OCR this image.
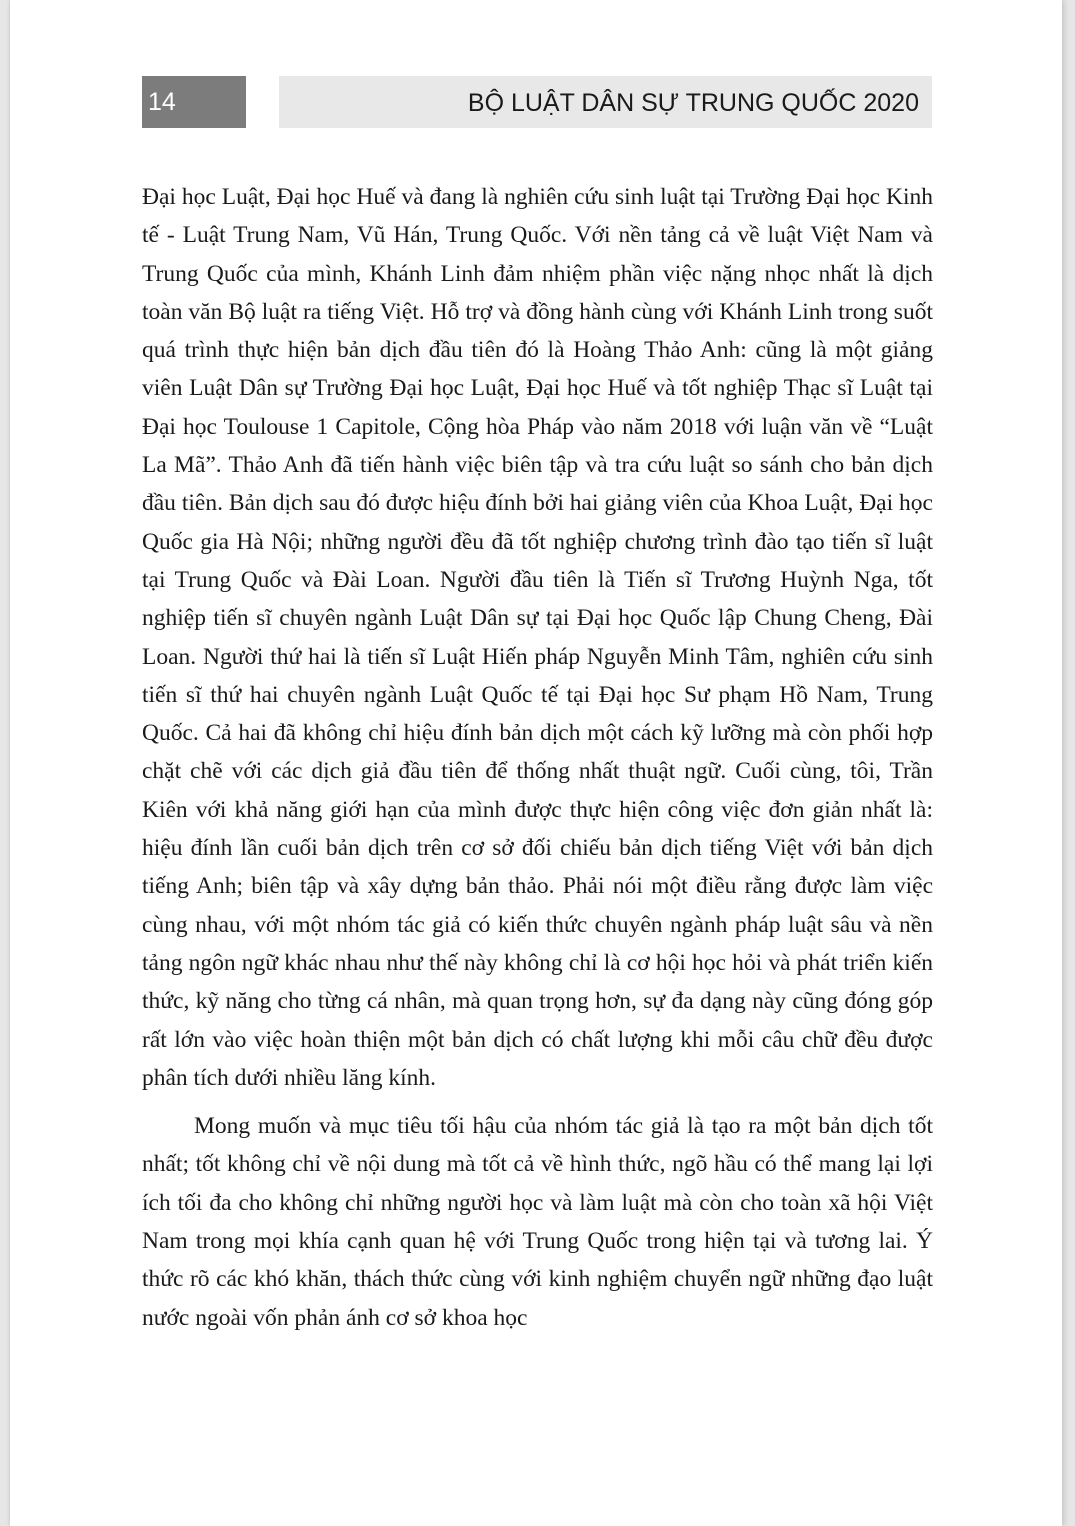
14	BỘ LUẬT DÂN SỰ TRUNG QUỐC 2020

Đại học Luật, Đại học Huế và đang là nghiên cứu sinh luật tại Trường Đại học Kinh tế - Luật Trung Nam, Vũ Hán, Trung Quốc. Với nền tảng cả về luật Việt Nam và Trung Quốc của mình, Khánh Linh đảm nhiệm phần việc nặng nhọc nhất là dịch toàn văn Bộ luật ra tiếng Việt. Hỗ trợ và đồng hành cùng với Khánh Linh trong suốt quá trình thực hiện bản dịch đầu tiên đó là Hoàng Thảo Anh: cũng là một giảng viên Luật Dân sự Trường Đại học Luật, Đại học Huế và tốt nghiệp Thạc sĩ Luật tại Đại học Toulouse 1 Capitole, Cộng hòa Pháp vào năm 2018 với luận văn về “Luật La Mã”. Thảo Anh đã tiến hành việc biên tập và tra cứu luật so sánh cho bản dịch đầu tiên. Bản dịch sau đó được hiệu đính bởi hai giảng viên của Khoa Luật, Đại học Quốc gia Hà Nội; những người đều đã tốt nghiệp chương trình đào tạo tiến sĩ luật tại Trung Quốc và Đài Loan. Người đầu tiên là Tiến sĩ Trương Huỳnh Nga, tốt nghiệp tiến sĩ chuyên ngành Luật Dân sự tại Đại học Quốc lập Chung Cheng, Đài Loan. Người thứ hai là tiến sĩ Luật Hiến pháp Nguyễn Minh Tâm, nghiên cứu sinh tiến sĩ thứ hai chuyên ngành Luật Quốc tế tại Đại học Sư phạm Hồ Nam, Trung Quốc. Cả hai đã không chỉ hiệu đính bản dịch một cách kỹ lưỡng mà còn phối hợp chặt chẽ với các dịch giả đầu tiên để thống nhất thuật ngữ. Cuối cùng, tôi, Trần Kiên với khả năng giới hạn của mình được thực hiện công việc đơn giản nhất là: hiệu đính lần cuối bản dịch trên cơ sở đối chiếu bản dịch tiếng Việt với bản dịch tiếng Anh; biên tập và xây dựng bản thảo. Phải nói một điều rằng được làm việc cùng nhau, với một nhóm tác giả có kiến thức chuyên ngành pháp luật sâu và nền tảng ngôn ngữ khác nhau như thế này không chỉ là cơ hội học hỏi và phát triển kiến thức, kỹ năng cho từng cá nhân, mà quan trọng hơn, sự đa dạng này cũng đóng góp rất lớn vào việc hoàn thiện một bản dịch có chất lượng khi mỗi câu chữ đều được phân tích dưới nhiều lăng kính.

Mong muốn và mục tiêu tối hậu của nhóm tác giả là tạo ra một bản dịch tốt nhất; tốt không chỉ về nội dung mà tốt cả về hình thức, ngõ hầu có thể mang lại lợi ích tối đa cho không chỉ những người học và làm luật mà còn cho toàn xã hội Việt Nam trong mọi khía cạnh quan hệ với Trung Quốc trong hiện tại và tương lai. Ý thức rõ các khó khăn, thách thức cùng với kinh nghiệm chuyển ngữ những đạo luật nước ngoài vốn phản ánh cơ sở khoa học
